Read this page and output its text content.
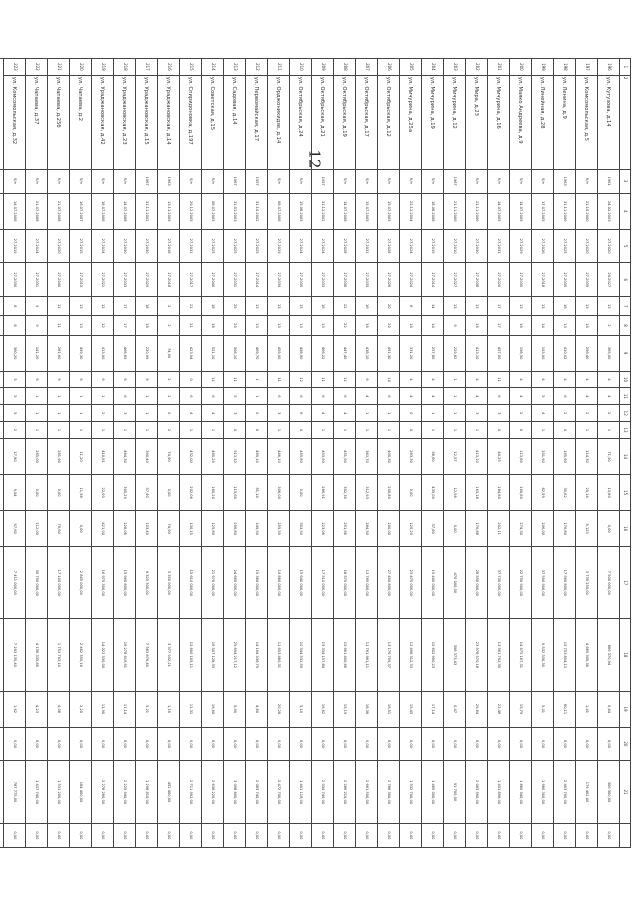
12
1	2	3	4	5	6	7	8	9	10	11	12	13	14	15	16	17	18	19	20	21	
196	ул. Кутузова, д.14	1961	24.02.2003	27.2020	20.2027	13	2	365,00	4	4	2	1	71,30	13,80	0,00	7 500 000,00	889 370,94	0,44	0,00	306 300,00	0,00
197	ул. Комсомольская, д.5	б/н	21.10.2000	27.2020	27.2039	13	14	296,40	4	4	2	1	114,30	25,14	9,123	3 735 250,00	4 889 300,38	1,41	0,00	179 462,00	0,00
198	ул. Ленина, д.9	1963	31.11.2006	27.2025	27.2039	16	13	410,02	4	6	2	0	195,90	30,62	176,80	17 560 800,00	15 753 854,13	60,11	0,00	2 463 790,00	0,00
199	ул. Линейная, д.28	б/н	17.07.2005	27.2026	27.2018	13	14	193,00	4	5	4	1	201,90	82,59	206,00	37 590 900,00	9 532 330,30	5,01	0,00	1 980 300,00	0,00
200	ул. Маяко Андреева, д.9	б/н	14.07.2005	27.2029	27.2039	13	16	198,50	4	4	2	0	113,80	160,80	274,30	22 750 900,00	14 675 167,31	15,79	0,00	1 880 940,00	0,00
201	ул. Мичурина, д.16	б/н	14.07.2005	27.2031	27.2020	17	17	457,00	11	6	3	0	44,25	184,80	202,11	37 730 000,00	13 561 792,35	22,46	0,00	1 451 856,00	0,00
202	ул. Мира, д.23	б/н	21.11.2006	27.2030	27.2038	13	16	413,10	4	4	3	1	413,10	163,18	176,88	28 550 000,00	23 978 570,18	29,84	0,00	2 083 990,00	0,00
203	ул. Мичурина, д.12	1967	21.11.2006	27.2010	27.2027	13	9	229,82	1	1	1	1	12,57	12,58	0,00	470 000,00	398 373,43	0,47	0,00	91 700,00	0,00
204	ул. Мичурина, д.19	б/н	18.08.2008	27.2019	27.2014	14	14	257,80	4	4	1	1	98,60	435,00	37,80	19 400 000,00	10 602 990,23	17,14	0,00	1 465 000,00	0,00
205	ул. Мичурина, д.25а	б/н	22.12.2004	27.2024	27.2024	8	14	331,20	4	4	0	0	283,30	0,00	120,20	23 470 000,00	12 498 312,33	15,45	0,00	1 532 700,00	0,00
206	ул. Октябрьская, д.12	б/н	15.07.2005	27.2028	27.2028	20	20	491,30	10	6	1	1	400,30	200,80	200,00	27 450 800,00	13 176 759,37	16,51	0,00	2 788 300,00	0,00
207	ул. Октябрьская, д.17	б/н	15.07.2005	27.2031	27.2035	16	16	438,10	6	4	1	1	363,70	312,93	284,50	13 765 000,00	11 761 961,11	18,36	0,00	2 661 500,00	0,00
208	ул. Октябрьская, д.19	б/н	14.07.2008	27.2028	27.2038	22	22	447,40	11	6	4	1	451,50	302,30	251,96	18 570 000,00	15 661 490,66	15,19	0,00	2 286 210,00	0,00
209	ул. Октябрьская, д.21	1957	31.12.2002	27.2024	27.2033	16	13	466,22	11	6	4	1	453,50	286,91	223,06	17 510 000,00	15 334 157,84	16,62	0,00	2 034 740,00	0,00
210	ул. Октябрьская, д.24	б/н	15.08.2005	27.2024	27.2039	15	13	458,90	12	6	6	0	459,80	0,00	303,50	15 640 000,00	10 344 532,59	5,10	0,00	1 491 116,00	0,00
211	ул. Орджоникидзе, д.14	б/н	08.07.2008	27.2029	27.2039	13	13	459,00	11	6	3	1	446,10	306,00	255,55	19 880 000,00	11 653 480,31	20,28	0,00	2 472 700,00	0,00
212	ул. Первомайская, д.17	1957	31.10.2002	27.2025	27.2014	13	13	469,70	1	1	0	0	469,10	61,14	149,50	19 384 000,00	14 164 936,79	4,80	0,00	2 083 740,00	0,00
213	ул. Садовая, д.14	1967	31.01.2003	27.2025	27.2031	25	25	506,10	11	5	3	0	513,10	115,60	256,80	24 660 000,00	25 694 217,12	5,90	0,00	3 098 800,00	0,00
214	ул. Советская, д.15	б/н	08.07.2005	27.2025	27.2040	18	18	521,10	11	6	4	1	460,29	180,20	125,80	21 970 000,00	16 507 128,33	16,60	0,00	2 636 220,00	0,00
215	ул. Спиридоновка, д.197	б/н	29.12.2005	27.2031	27.2017	21	21	423,94	0	6	4	1	432,00	202,06	130,15	15 610 000,00	15 800 105,11	11,31	0,00	2 711 992,00	0,00
216	ул. Ураджановская, д.14	1963	13.11.2009	27.2018	27.2018	2	2	74,90	2	2	0	2	74,90	0,00	74,90	3 350 000,00	3 377 932,21	1,16	0,00	452 400,00	0,00
217	ул. Ураджановская, д.15	1967	31.11.2002	27.2030	27.2029	18	18	220,99	8	1	1	1	390,40	57,40	103,40	9 325 300,00	7 563 876,40	5,21	0,00	1 298 810,00	0,00
218	ул. Ураджановская, д.23	б/н	14.07.2008	27.2030	27.2033	17	17	466,65	6	6	3	1	464,30	305,29	228,06	15 960 800,00	16 278 616,91	11,14	0,00	2 225 940,00	0,00
219	ул. Ураджановская, д.42	б/н	18.07.2008	27.2024	27.2021	12	12	413,00	6	1	2	1	410,81	22,00	421,00	16 975 300,00	14 022 330,00	11,90	0,00	2 278 280,00	0,00
220	ул. Чапаева, д.2	б/н	16.07.2007	27.2015	27.2015	13	13	499,30	6	1	1	1	11,20	11,58	0,00	2 845 000,00	2 462 559,16	2,20	0,00	184 400,00	0,00
221	ул. Чапаева, д.25б	б/н	21.07.2008	27.2020	27.2040	11	11	281,60	6	1	1	1	281,90	0,00	70,60	17 100 000,00	1 753 793,10	4,08	0,00	1 531 200,00	0,00
222	ул. Чапаева, д.37	б/н	21.07.2008	27.2024	27.2031	9	9	141,20	6	1	1	1	265,00	0,00	112,00	30 750 000,00	4 136 335,88	4,23	0,00	1 437 740,00	0,00
223	ул. Комсомольская, д.32	б/н	14.07.2008	27.2019	27.2030	8	8	360,20	5	5	5	2	17,80	9,04	97,60	7 411 000,00	7 293 135,40	1,62	0,00	787 775,00	0,00
